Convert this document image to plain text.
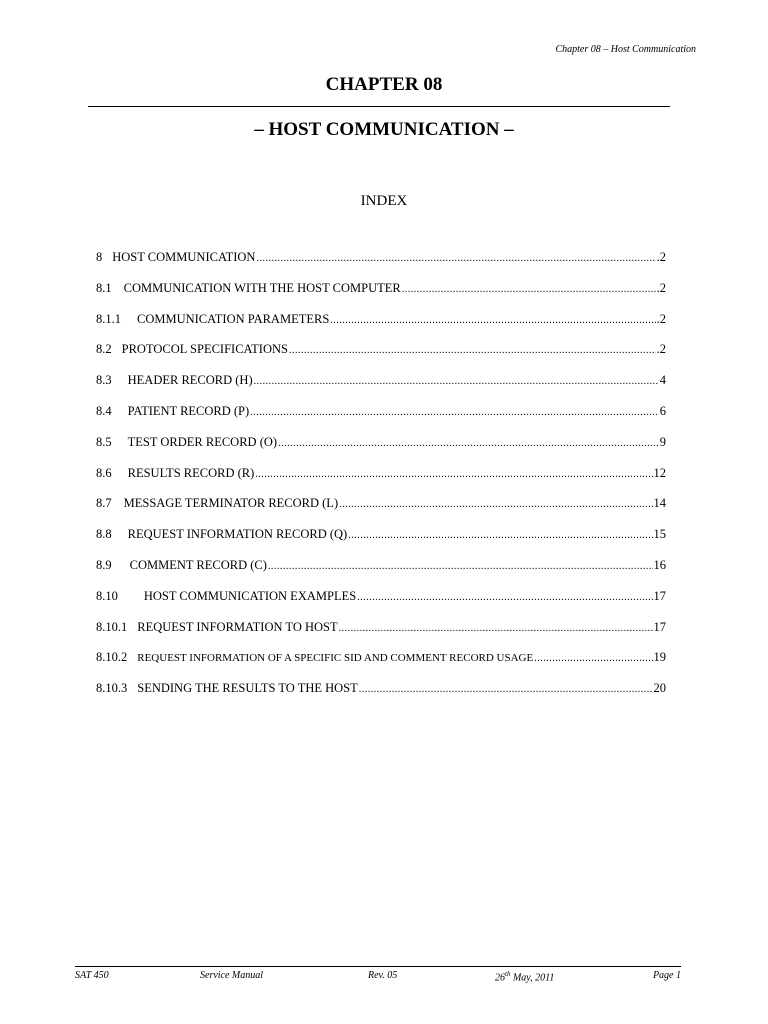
Chapter 08 – Host Communication
CHAPTER 08
– HOST COMMUNICATION –
INDEX
8 HOST COMMUNICATION .....	.2
8.1 COMMUNICATION WITH THE HOST COMPUTER .....	.2
8.1.1 COMMUNICATION PARAMETERS .....	.2
8.2 PROTOCOL SPECIFICATIONS .....	.2
8.3 HEADER RECORD (H) .....	4
8.4 PATIENT RECORD (P) .....	6
8.5 TEST ORDER RECORD (O) .....	9
8.6 RESULTS RECORD (R) .....	12
8.7 MESSAGE TERMINATOR RECORD (L) .....	14
8.8 REQUEST INFORMATION RECORD (Q) .....	15
8.9 COMMENT RECORD (C) .....	16
8.10 HOST COMMUNICATION EXAMPLES .....	17
8.10.1 REQUEST INFORMATION TO HOST .....	17
8.10.2 REQUEST INFORMATION OF A SPECIFIC SID AND COMMENT RECORD USAGE .....	19
8.10.3 SENDING THE RESULTS TO THE HOST .....	20
SAT 450	Service Manual	Rev. 05	26th May, 2011	Page 1
